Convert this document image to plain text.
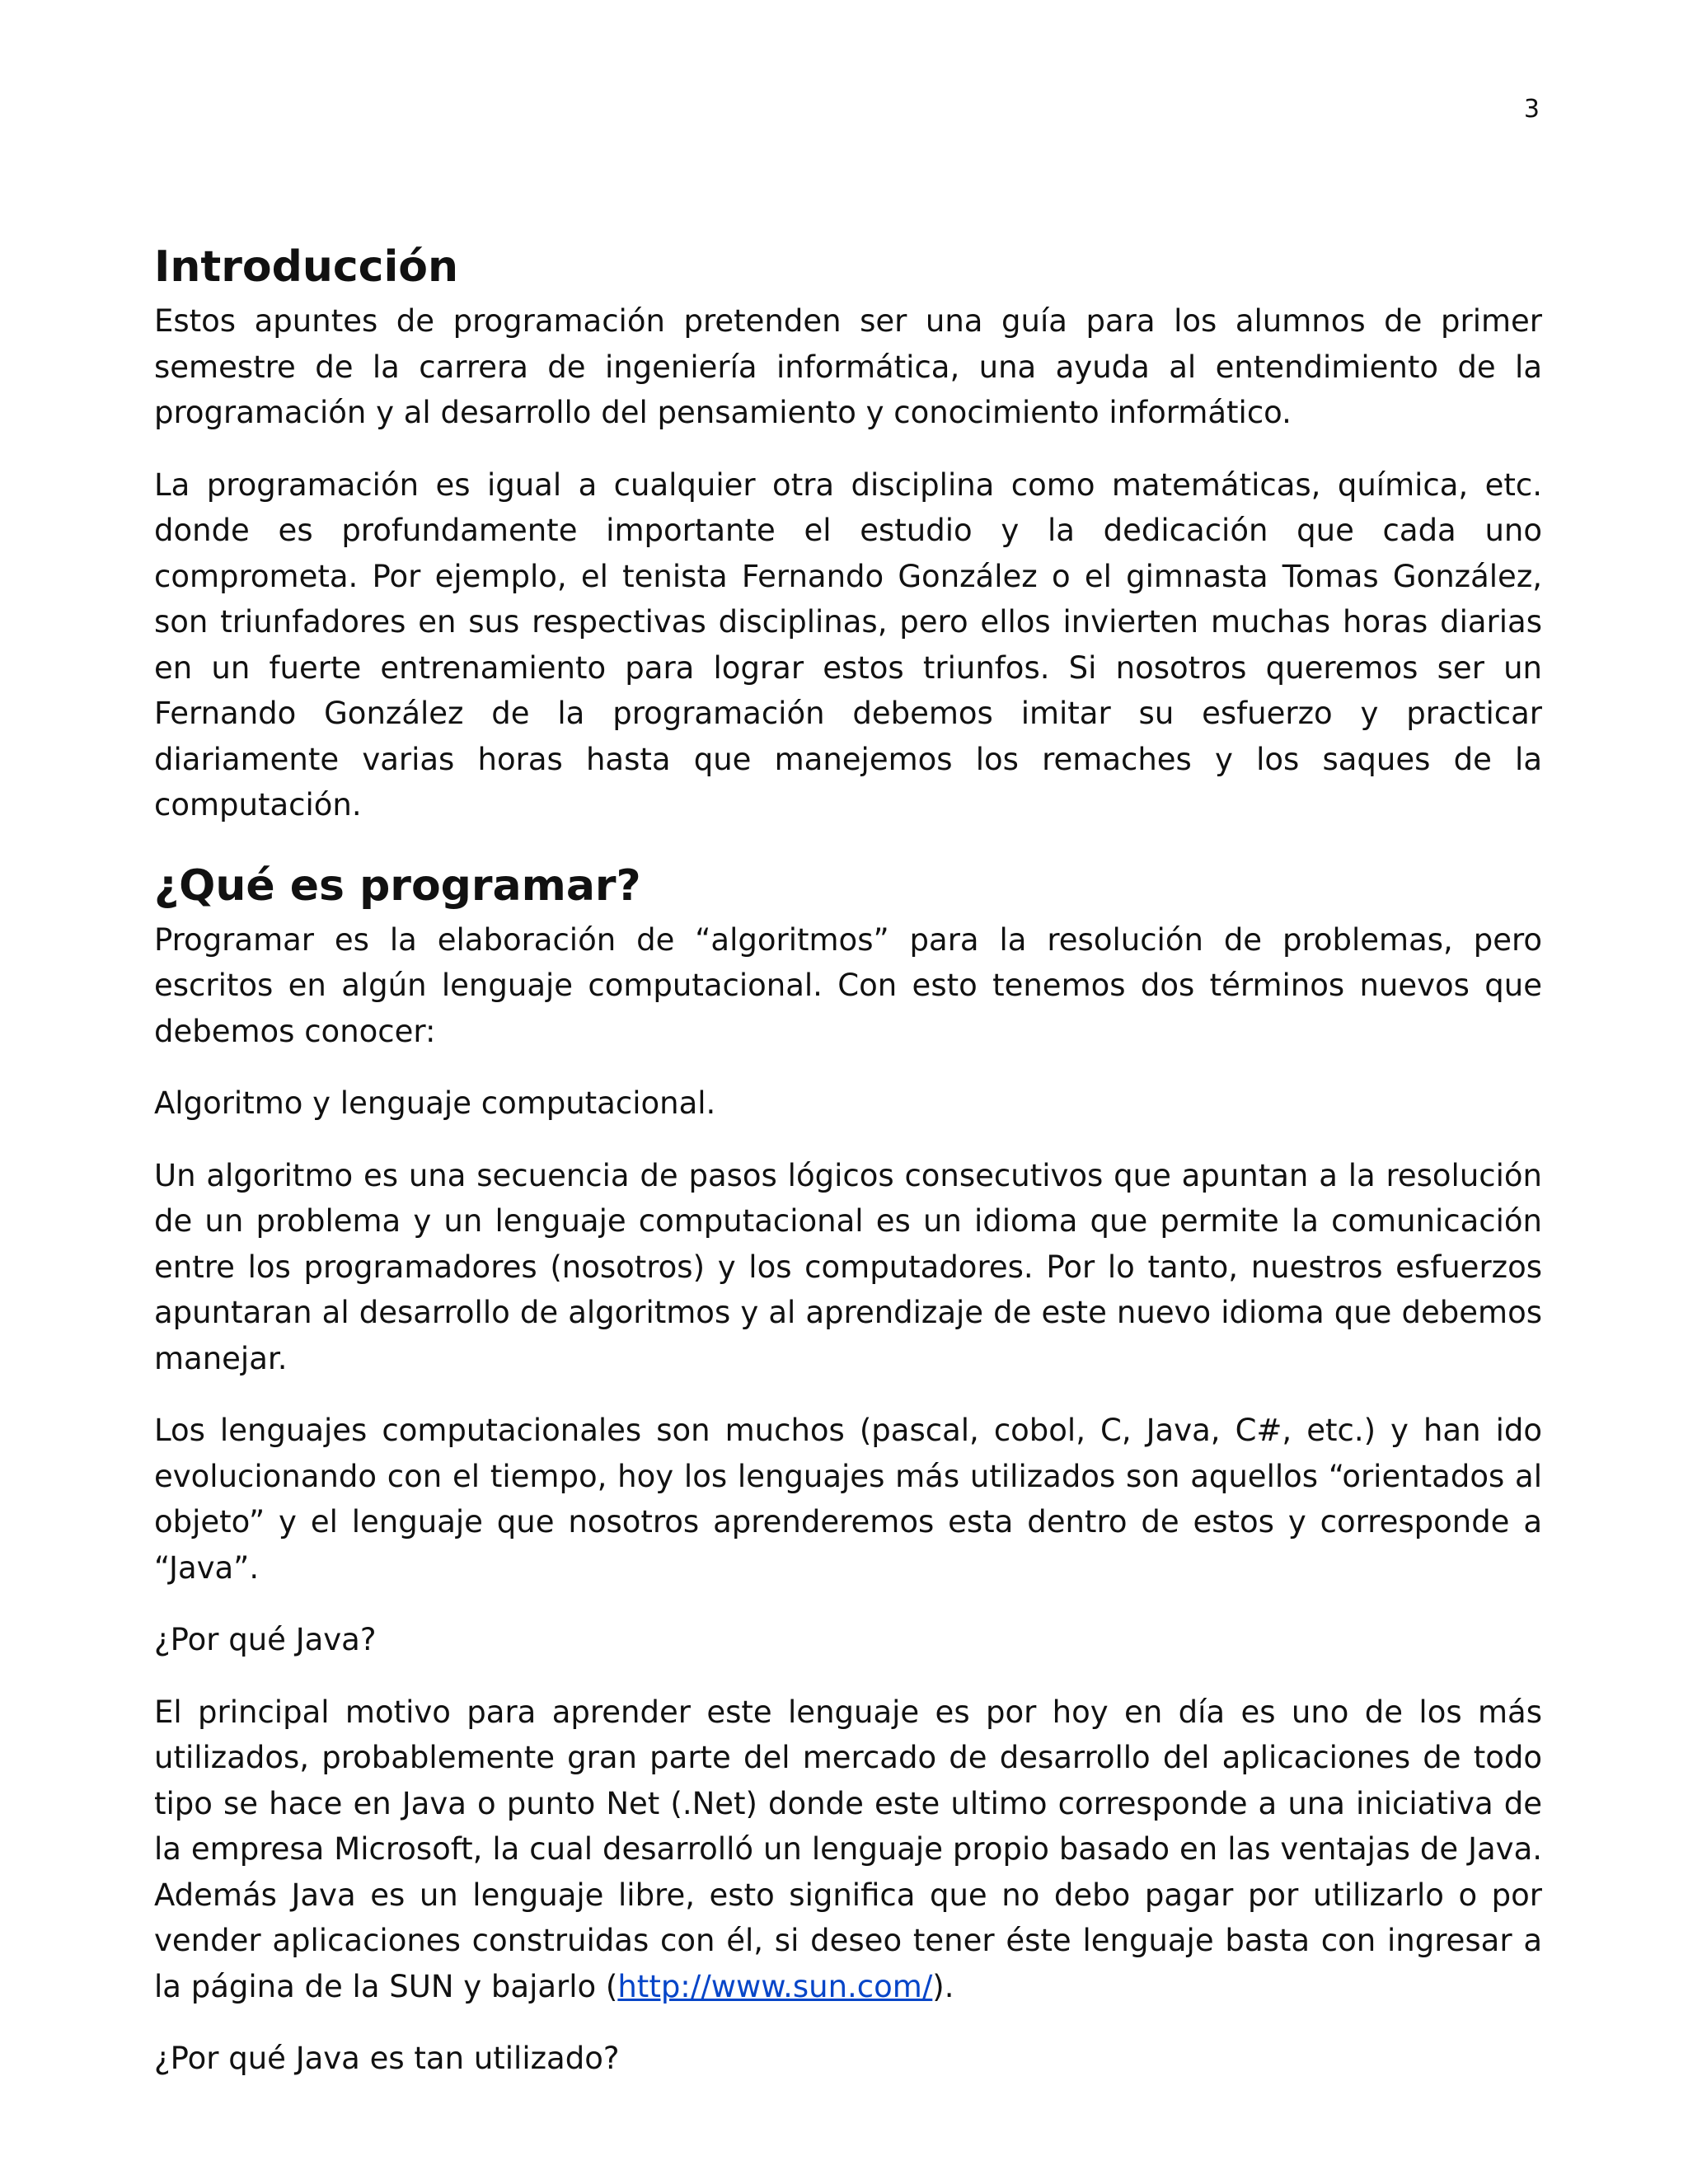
3
Introducción

Estos apuntes de programación pretenden ser una guía para los alumnos de primer semestre de la carrera de ingeniería informática, una ayuda al entendimiento de la programación y al desarrollo del pensamiento y conocimiento informático.

La programación es igual a cualquier otra disciplina como matemáticas, química, etc. donde es profundamente importante el estudio y la dedicación que cada uno comprometa. Por ejemplo, el tenista Fernando González o el gimnasta Tomas González, son triunfadores en sus respectivas disciplinas, pero ellos invierten muchas horas diarias en un fuerte entrenamiento para lograr estos triunfos. Si nosotros queremos ser un Fernando González de la programación debemos imitar su esfuerzo y practicar diariamente varias horas hasta que manejemos los remaches y los saques de la computación.

¿Qué es programar?

Programar es la elaboración de “algoritmos” para la resolución de problemas, pero escritos en algún lenguaje computacional. Con esto tenemos dos términos nuevos que debemos conocer:

Algoritmo y lenguaje computacional.

Un algoritmo es una secuencia de pasos lógicos consecutivos que apuntan a la resolución de un problema y un lenguaje computacional es un idioma que permite la comunicación entre los programadores (nosotros) y los computadores. Por lo tanto, nuestros esfuerzos apuntaran al desarrollo de algoritmos y al aprendizaje de este nuevo idioma que debemos manejar.

Los lenguajes computacionales son muchos (pascal, cobol, C, Java, C#, etc.) y han ido evolucionando con el tiempo, hoy los lenguajes más utilizados son aquellos “orientados al objeto” y el lenguaje que nosotros aprenderemos esta dentro de estos y corresponde a “Java”.

¿Por qué Java?

El principal motivo para aprender este lenguaje es por hoy en día es uno de los más utilizados, probablemente gran parte del mercado de desarrollo del aplicaciones de todo tipo se hace en Java o punto Net (.Net) donde este ultimo corresponde a una iniciativa de la empresa Microsoft, la cual desarrolló un lenguaje propio basado en las ventajas de Java. Además Java es un lenguaje libre, esto significa que no debo pagar por utilizarlo o por vender aplicaciones construidas con él, si deseo tener éste lenguaje basta con ingresar a la página de la SUN y bajarlo (http://www.sun.com/).

¿Por qué Java es tan utilizado?
